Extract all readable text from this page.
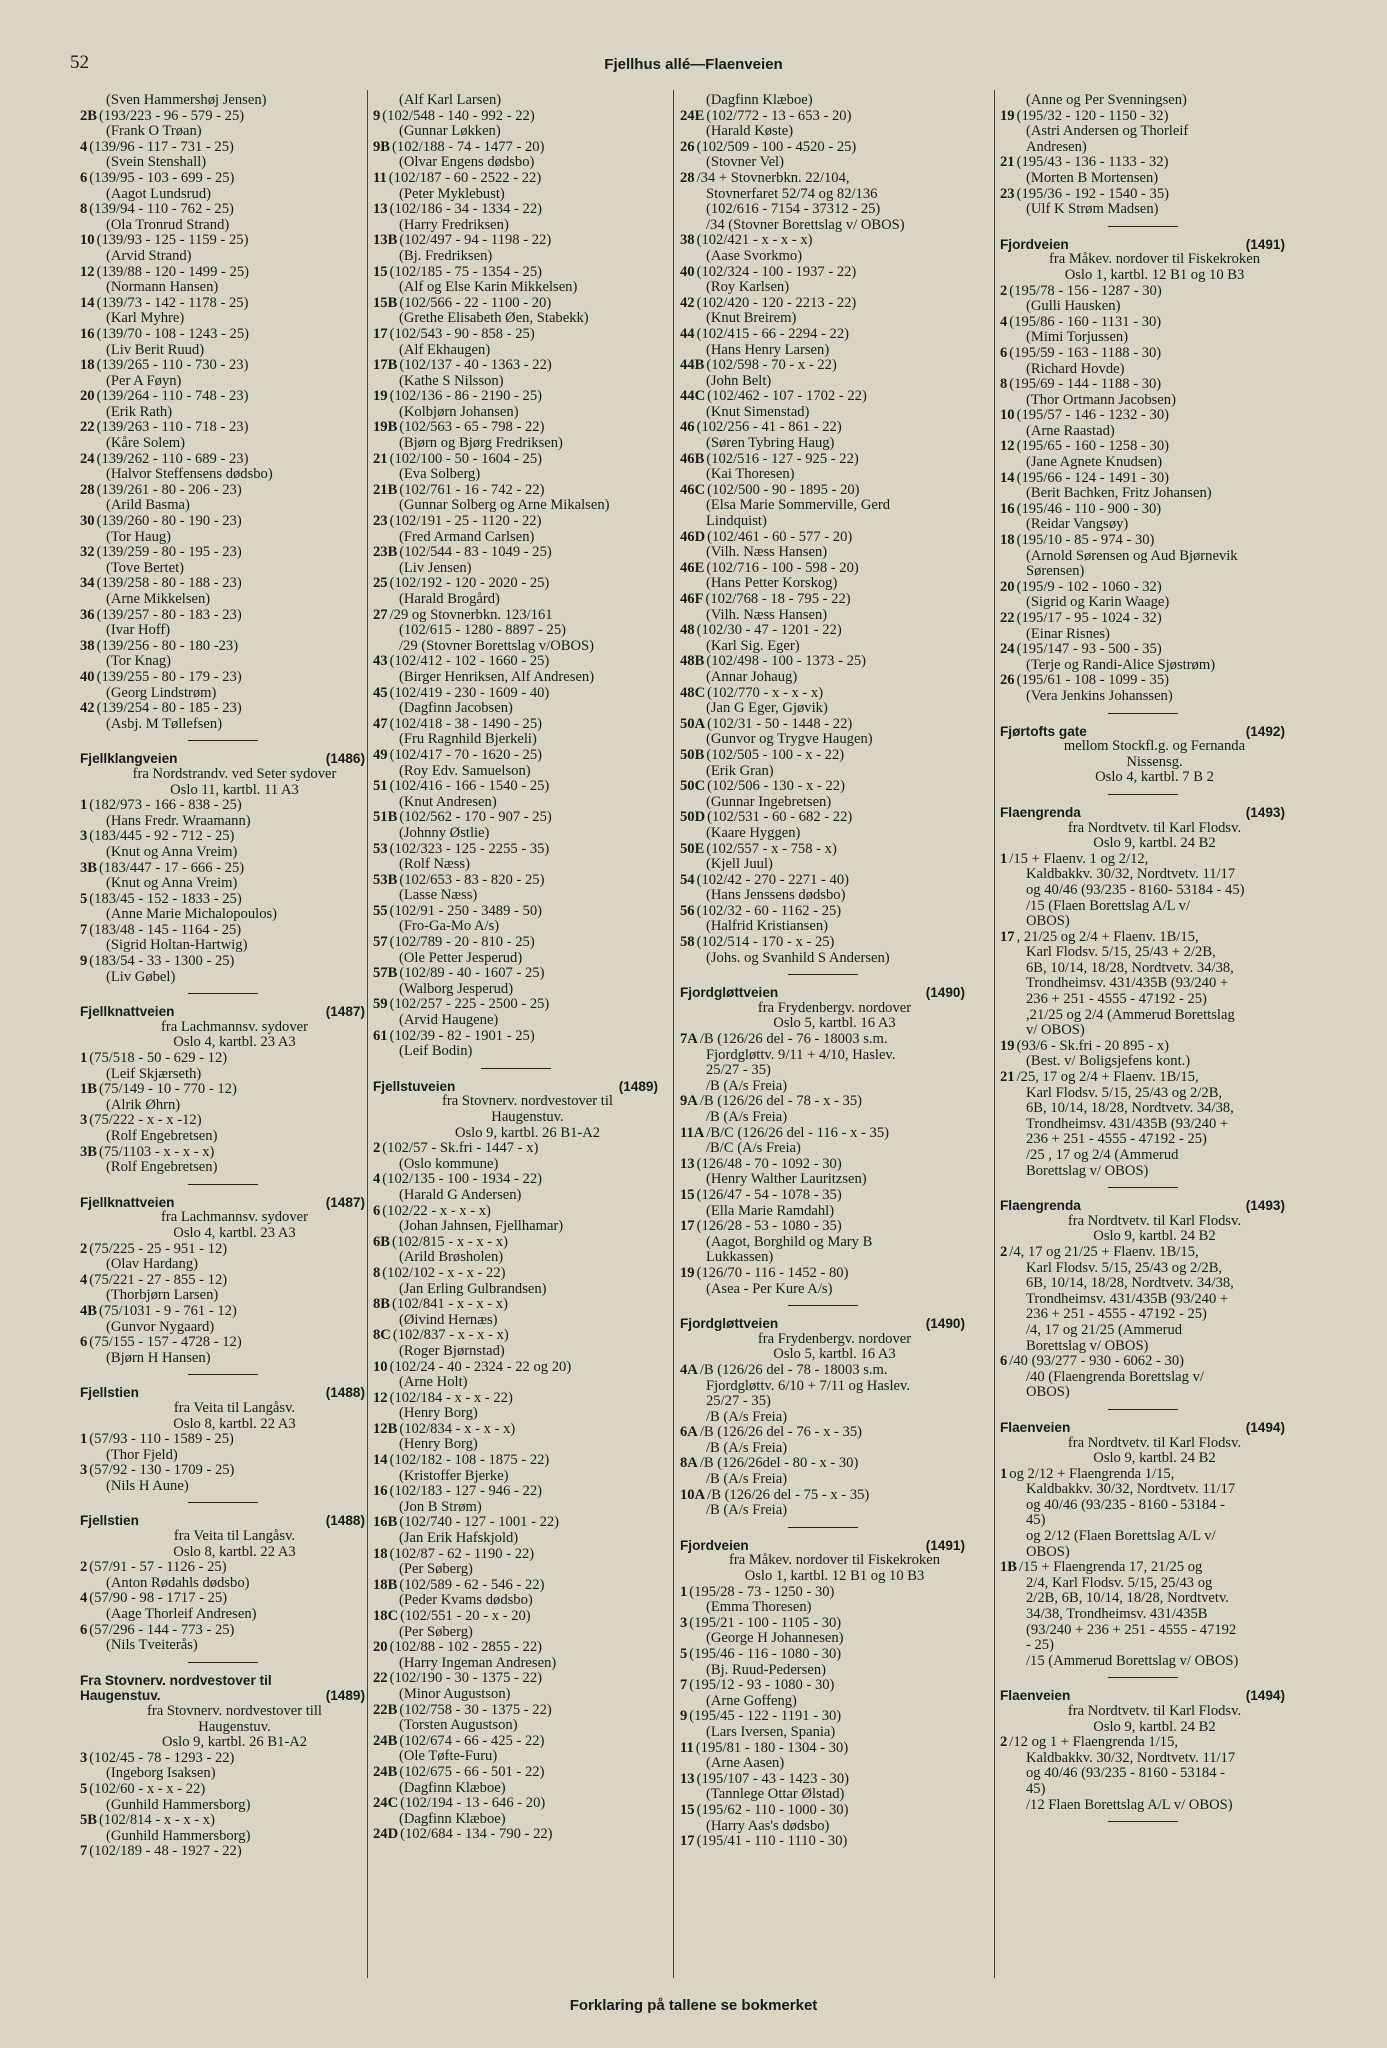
52	Fjellhus allé—Flaenveien
(Sven Hammershøj Jensen)
2B (193/223 - 96 - 579 - 25)
(Frank O Trøan)
4 (139/96 - 117 - 731 - 25)
(Svein Stenshall)
6 (139/95 - 103 - 699 - 25)
(Aagot Lundsrud)
8 (139/94 - 110 - 762 - 25)
(Ola Tronrud Strand)
10 (139/93 - 125 - 1159 - 25)
(Arvid Strand)
12 (139/88 - 120 - 1499 - 25)
(Normann Hansen)
14 (139/73 - 142 - 1178 - 25)
(Karl Myhre)
16 (139/70 - 108 - 1243 - 25)
(Liv Berit Ruud)
18 (139/265 - 110 - 730 - 23)
(Per A Føyn)
20 (139/264 - 110 - 748 - 23)
(Erik Rath)
22 (139/263 - 110 - 718 - 23)
(Kåre Solem)
24 (139/262 - 110 - 689 - 23)
(Halvor Steffensens dødsbo)
28 (139/261 - 80 - 206 - 23)
(Arild Basma)
30 (139/260 - 80 - 190 - 23)
(Tor Haug)
32 (139/259 - 80 - 195 - 23)
(Tove Bertet)
34 (139/258 - 80 - 188 - 23)
(Arne Mikkelsen)
36 (139/257 - 80 - 183 - 23)
(Ivar Hoff)
38 (139/256 - 80 - 180 -23)
(Tor Knag)
40 (139/255 - 80 - 179 - 23)
(Georg Lindstrøm)
42 (139/254 - 80 - 185 - 23)
(Asbj. M Tøllefsen)
Fjellklangveien	(1486)
fra Nordstrandv. ved Seter sydover
Oslo 11, kartbl. 11 A3
1 (182/973 - 166 - 838 - 25)
(Hans Fredr. Wraamann)
3 (183/445 - 92 - 712 - 25)
(Knut og Anna Vreim)
3B (183/447 - 17 - 666 - 25)
(Knut og Anna Vreim)
5 (183/45 - 152 - 1833 - 25)
(Anne Marie Michalopoulos)
7 (183/48 - 145 - 1164 - 25)
(Sigrid Holtan-Hartwig)
9 (183/54 - 33 - 1300 - 25)
(Liv Gøbel)
Fjellknattveien	(1487)
fra Lachmannsv. sydover
Oslo 4, kartbl. 23 A3
1 (75/518 - 50 - 629 - 12)
(Leif Skjærseth)
1B (75/149 - 10 - 770 - 12)
(Alrik Øhrn)
3 (75/222 - x - x -12)
(Rolf Engebretsen)
3B (75/1103 - x - x - x)
(Rolf Engebretsen)
Fjellknattveien	(1487)
fra Lachmannsv. sydover
Oslo 4, kartbl. 23 A3
2 (75/225 - 25 - 951 - 12)
(Olav Hardang)
4 (75/221 - 27 - 855 - 12)
(Thorbjørn Larsen)
4B (75/1031 - 9 - 761 - 12)
(Gunvor Nygaard)
6 (75/155 - 157 - 4728 - 12)
(Bjørn H Hansen)
Fjellstien	(1488)
fra Veita til Langåsv.
Oslo 8, kartbl. 22 A3
1 (57/93 - 110 - 1589 - 25)
(Thor Fjeld)
3 (57/92 - 130 - 1709 - 25)
(Nils H Aune)
Fjellstien	(1488)
fra Veita til Langåsv.
Oslo 8, kartbl. 22 A3
2 (57/91 - 57 - 1126 - 25)
(Anton Rødahls dødsbo)
4 (57/90 - 98 - 1717 - 25)
(Aage Thorleif Andresen)
6 (57/296 - 144 - 773 - 25)
(Nils Tveiterås)
Fra Stovnerv. nordvestover til
Haugenstuv.	(1489)
fra Stovnerv. nordvestover till
Haugenstuv.
Oslo 9, kartbl. 26 B1-A2
3 (102/45 - 78 - 1293 - 22)
(Ingeborg Isaksen)
5 (102/60 - x - x - 22)
(Gunhild Hammersborg)
5B (102/814 - x - x - x)
(Gunhild Hammersborg)
7 (102/189 - 48 - 1927 - 22)
(Alf Karl Larsen)
9 (102/548 - 140 - 992 - 22)
(Gunnar Løkken)
9B (102/188 - 74 - 1477 - 20)
(Olvar Engens dødsbo)
11 (102/187 - 60 - 2522 - 22)
(Peter Myklebust)
13 (102/186 - 34 - 1334 - 22)
(Harry Fredriksen)
13B (102/497 - 94 - 1198 - 22)
(Bj. Fredriksen)
15 (102/185 - 75 - 1354 - 25)
(Alf og Else Karin Mikkelsen)
15B (102/566 - 22 - 1100 - 20)
(Grethe Elisabeth Øen, Stabekk)
17 (102/543 - 90 - 858 - 25)
(Alf Ekhaugen)
17B (102/137 - 40 - 1363 - 22)
(Kathe S Nilsson)
19 (102/136 - 86 - 2190 - 25)
(Kolbjørn Johansen)
19B (102/563 - 65 - 798 - 22)
(Bjørn og Bjørg Fredriksen)
21 (102/100 - 50 - 1604 - 25)
(Eva Solberg)
21B (102/761 - 16 - 742 - 22)
(Gunnar Solberg og Arne Mikalsen)
23 (102/191 - 25 - 1120 - 22)
(Fred Armand Carlsen)
23B (102/544 - 83 - 1049 - 25)
(Liv Jensen)
25 (102/192 - 120 - 2020 - 25)
(Harald Brogård)
27 /29 og Stovnerbkn. 123/161
(102/615 - 1280 - 8897 - 25)
/29 (Stovner Borettslag v/OBOS)
43 (102/412 - 102 - 1660 - 25)
(Birger Henriksen, Alf Andresen)
45 (102/419 - 230 - 1609 - 40)
(Dagfinn Jacobsen)
47 (102/418 - 38 - 1490 - 25)
(Fru Ragnhild Bjerkeli)
49 (102/417 - 70 - 1620 - 25)
(Roy Edv. Samuelson)
51 (102/416 - 166 - 1540 - 25)
(Knut Andresen)
51B (102/562 - 170 - 907 - 25)
(Johnny Østlie)
53 (102/323 - 125 - 2255 - 35)
(Rolf Næss)
53B (102/653 - 83 - 820 - 25)
(Lasse Næss)
55 (102/91 - 250 - 3489 - 50)
(Fro-Ga-Mo A/s)
57 (102/789 - 20 - 810 - 25)
(Ole Petter Jesperud)
57B (102/89 - 40 - 1607 - 25)
(Walborg Jesperud)
59 (102/257 - 225 - 2500 - 25)
(Arvid Haugene)
61 (102/39 - 82 - 1901 - 25)
(Leif Bodin)
Fjellstuveien	(1489)
fra Stovnerv. nordvestover til
Haugenstuv.
Oslo 9, kartbl. 26 B1-A2
2 (102/57 - Sk.fri - 1447 - x)
(Oslo kommune)
4 (102/135 - 100 - 1934 - 22)
(Harald G Andersen)
6 (102/22 - x - x - x)
(Johan Jahnsen, Fjellhamar)
6B (102/815 - x - x - x)
(Arild Brøsholen)
8 (102/102 - x - x - 22)
(Jan Erling Gulbrandsen)
8B (102/841 - x - x - x)
(Øivind Hernæs)
8C (102/837 - x - x - x)
(Roger Bjørnstad)
10 (102/24 - 40 - 2324 - 22 og 20)
(Arne Holt)
12 (102/184 - x - x - 22)
(Henry Borg)
12B (102/834 - x - x - x)
(Henry Borg)
14 (102/182 - 108 - 1875 - 22)
(Kristoffer Bjerke)
16 (102/183 - 127 - 946 - 22)
(Jon B Strøm)
16B (102/740 - 127 - 1001 - 22)
(Jan Erik Hafskjold)
18 (102/87 - 62 - 1190 - 22)
(Per Søberg)
18B (102/589 - 62 - 546 - 22)
(Peder Kvams dødsbo)
18C (102/551 - 20 - x - 20)
(Per Søberg)
20 (102/88 - 102 - 2855 - 22)
(Harry Ingeman Andresen)
22 (102/190 - 30 - 1375 - 22)
(Minor Augustson)
22B (102/758 - 30 - 1375 - 22)
(Torsten Augustson)
24B (102/674 - 66 - 425 - 22)
(Ole Tøfte-Furu)
24B (102/675 - 66 - 501 - 22)
(Dagfinn Klæboe)
24C (102/194 - 13 - 646 - 20)
(Dagfinn Klæboe)
24D (102/684 - 134 - 790 - 22)
(Dagfinn Klæboe)
24E (102/772 - 13 - 653 - 20)
(Harald Køste)
26 (102/509 - 100 - 4520 - 25)
(Stovner Vel)
28 /34 + Stovnerbkn. 22/104,
Stovnerfaret 52/74 og 82/136
(102/616 - 7154 - 37312 - 25)
/34 (Stovner Borettslag v/ OBOS)
38 (102/421 - x - x - x)
(Aase Svorkmo)
40 (102/324 - 100 - 1937 - 22)
(Roy Karlsen)
42 (102/420 - 120 - 2213 - 22)
(Knut Breirem)
44 (102/415 - 66 - 2294 - 22)
(Hans Henry Larsen)
44B (102/598 - 70 - x - 22)
(John Belt)
44C (102/462 - 107 - 1702 - 22)
(Knut Simenstad)
46 (102/256 - 41 - 861 - 22)
(Søren Tybring Haug)
46B (102/516 - 127 - 925 - 22)
(Kai Thoresen)
46C (102/500 - 90 - 1895 - 20)
(Elsa Marie Sommerville, Gerd
Lindquist)
46D (102/461 - 60 - 577 - 20)
(Vilh. Næss Hansen)
46E (102/716 - 100 - 598 - 20)
(Hans Petter Korskog)
46F (102/768 - 18 - 795 - 22)
(Vilh. Næss Hansen)
48 (102/30 - 47 - 1201 - 22)
(Karl Sig. Eger)
48B (102/498 - 100 - 1373 - 25)
(Annar Johaug)
48C (102/770 - x - x - x)
(Jan G Eger, Gjøvik)
50A (102/31 - 50 - 1448 - 22)
(Gunvor og Trygve Haugen)
50B (102/505 - 100 - x - 22)
(Erik Gran)
50C (102/506 - 130 - x - 22)
(Gunnar Ingebretsen)
50D (102/531 - 60 - 682 - 22)
(Kaare Hyggen)
50E (102/557 - x - 758 - x)
(Kjell Juul)
54 (102/42 - 270 - 2271 - 40)
(Hans Jenssens dødsbo)
56 (102/32 - 60 - 1162 - 25)
(Halfrid Kristiansen)
58 (102/514 - 170 - x - 25)
(Johs. og Svanhild S Andersen)
Fjordgløttveien	(1490)
fra Frydenbergv. nordover
Oslo 5, kartbl. 16 A3
7A /B (126/26 del - 76 - 18003 s.m.
Fjordgløttv. 9/11 + 4/10, Haslev.
25/27 - 35)
/B (A/s Freia)
9A /B (126/26 del - 78 - x - 35)
/B (A/s Freia)
11A /B/C (126/26 del - 116 - x - 35)
/B/C (A/s Freia)
13 (126/48 - 70 - 1092 - 30)
(Henry Walther Lauritzsen)
15 (126/47 - 54 - 1078 - 35)
(Ella Marie Ramdahl)
17 (126/28 - 53 - 1080 - 35)
(Aagot, Borghild og Mary B
Lukkassen)
19 (126/70 - 116 - 1452 - 80)
(Asea - Per Kure A/s)
Fjordgløttveien	(1490)
fra Frydenbergv. nordover
Oslo 5, kartbl. 16 A3
4A /B (126/26 del - 78 - 18003 s.m.
Fjordgløttv. 6/10 + 7/11 og Haslev.
25/27 - 35)
/B (A/s Freia)
6A /B (126/26 del - 76 - x - 35)
/B (A/s Freia)
8A /B (126/26del - 80 - x - 30)
/B (A/s Freia)
10A /B (126/26 del - 75 - x - 35)
/B (A/s Freia)
Fjordveien	(1491)
fra Måkev. nordover til Fiskekroken
Oslo 1, kartbl. 12 B1 og 10 B3
1 (195/28 - 73 - 1250 - 30)
(Emma Thoresen)
3 (195/21 - 100 - 1105 - 30)
(George H Johannesen)
5 (195/46 - 116 - 1080 - 30)
(Bj. Ruud-Pedersen)
7 (195/12 - 93 - 1080 - 30)
(Arne Goffeng)
9 (195/45 - 122 - 1191 - 30)
(Lars Iversen, Spania)
11 (195/81 - 180 - 1304 - 30)
(Arne Aasen)
13 (195/107 - 43 - 1423 - 30)
(Tannlege Ottar Ølstad)
15 (195/62 - 110 - 1000 - 30)
(Harry Aas's dødsbo)
17 (195/41 - 110 - 1110 - 30)
(Anne og Per Svenningsen)
19 (195/32 - 120 - 1150 - 32)
(Astri Andersen og Thorleif
Andresen)
21 (195/43 - 136 - 1133 - 32)
(Morten B Mortensen)
23 (195/36 - 192 - 1540 - 35)
(Ulf K Strøm Madsen)
Fjordveien	(1491)
fra Måkev. nordover til Fiskekroken
Oslo 1, kartbl. 12 B1 og 10 B3
2 (195/78 - 156 - 1287 - 30)
(Gulli Hausken)
4 (195/86 - 160 - 1131 - 30)
(Mimi Torjussen)
6 (195/59 - 163 - 1188 - 30)
(Richard Hovde)
8 (195/69 - 144 - 1188 - 30)
(Thor Ortmann Jacobsen)
10 (195/57 - 146 - 1232 - 30)
(Arne Raastad)
12 (195/65 - 160 - 1258 - 30)
(Jane Agnete Knudsen)
14 (195/66 - 124 - 1491 - 30)
(Berit Bachken, Fritz Johansen)
16 (195/46 - 110 - 900 - 30)
(Reidar Vangsøy)
18 (195/10 - 85 - 974 - 30)
(Arnold Sørensen og Aud Bjørnevik
Sørensen)
20 (195/9 - 102 - 1060 - 32)
(Sigrid og Karin Waage)
22 (195/17 - 95 - 1024 - 32)
(Einar Risnes)
24 (195/147 - 93 - 500 - 35)
(Terje og Randi-Alice Sjøstrøm)
26 (195/61 - 108 - 1099 - 35)
(Vera Jenkins Johanssen)
Fjørtofts gate	(1492)
mellom Stockfl.g. og Fernanda
Nissensg.
Oslo 4, kartbl. 7 B 2
Flaengrenda	(1493)
fra Nordtvetv. til Karl Flodsv.
Oslo 9, kartbl. 24 B2
1 /15 + Flaenv. 1 og 2/12,
Kaldbakkv. 30/32, Nordtvetv. 11/17
og 40/46 (93/235 - 8160- 53184 - 45)
/15 (Flaen Borettslag A/L v/
OBOS)
17 , 21/25 og 2/4 + Flaenv. 1B/15,
Karl Flodsv. 5/15, 25/43 + 2/2B,
6B, 10/14, 18/28, Nordtvetv. 34/38,
Trondheimsv. 431/435B (93/240 +
236 + 251 - 4555 - 47192 - 25)
,21/25 og 2/4 (Ammerud Borettslag
v/ OBOS)
19 (93/6 - Sk.fri - 20 895 - x)
(Best. v/ Boligsjefens kont.)
21 /25, 17 og 2/4 + Flaenv. 1B/15,
Karl Flodsv. 5/15, 25/43 og 2/2B,
6B, 10/14, 18/28, Nordtvetv. 34/38,
Trondheimsv. 431/435B (93/240 +
236 + 251 - 4555 - 47192 - 25)
/25 , 17 og 2/4 (Ammerud
Borettslag v/ OBOS)
Flaengrenda	(1493)
fra Nordtvetv. til Karl Flodsv.
Oslo 9, kartbl. 24 B2
2 /4, 17 og 21/25 + Flaenv. 1B/15,
Karl Flodsv. 5/15, 25/43 og 2/2B,
6B, 10/14, 18/28, Nordtvetv. 34/38,
Trondheimsv. 431/435B (93/240 +
236 + 251 - 4555 - 47192 - 25)
/4, 17 og 21/25 (Ammerud
Borettslag v/ OBOS)
6 /40 (93/277 - 930 - 6062 - 30)
/40 (Flaengrenda Borettslag v/
OBOS)
Flaenveien	(1494)
fra Nordtvetv. til Karl Flodsv.
Oslo 9, kartbl. 24 B2
1 og 2/12 + Flaengrenda 1/15,
Kaldbakkv. 30/32, Nordtvetv. 11/17
og 40/46 (93/235 - 8160 - 53184 -
45)
og 2/12 (Flaen Borettslag A/L v/
OBOS)
1B /15 + Flaengrenda 17, 21/25 og
2/4, Karl Flodsv. 5/15, 25/43 og
2/2B, 6B, 10/14, 18/28, Nordtvetv.
34/38, Trondheimsv. 431/435B
(93/240 + 236 + 251 - 4555 - 47192
- 25)
/15 (Ammerud Borettslag v/ OBOS)
Flaenveien	(1494)
fra Nordtvetv. til Karl Flodsv.
Oslo 9, kartbl. 24 B2
2 /12 og 1 + Flaengrenda 1/15,
Kaldbakkv. 30/32, Nordtvetv. 11/17
og 40/46 (93/235 - 8160 - 53184 -
45)
/12 Flaen Borettslag A/L v/ OBOS)
Forklaring på tallene se bokmerket
